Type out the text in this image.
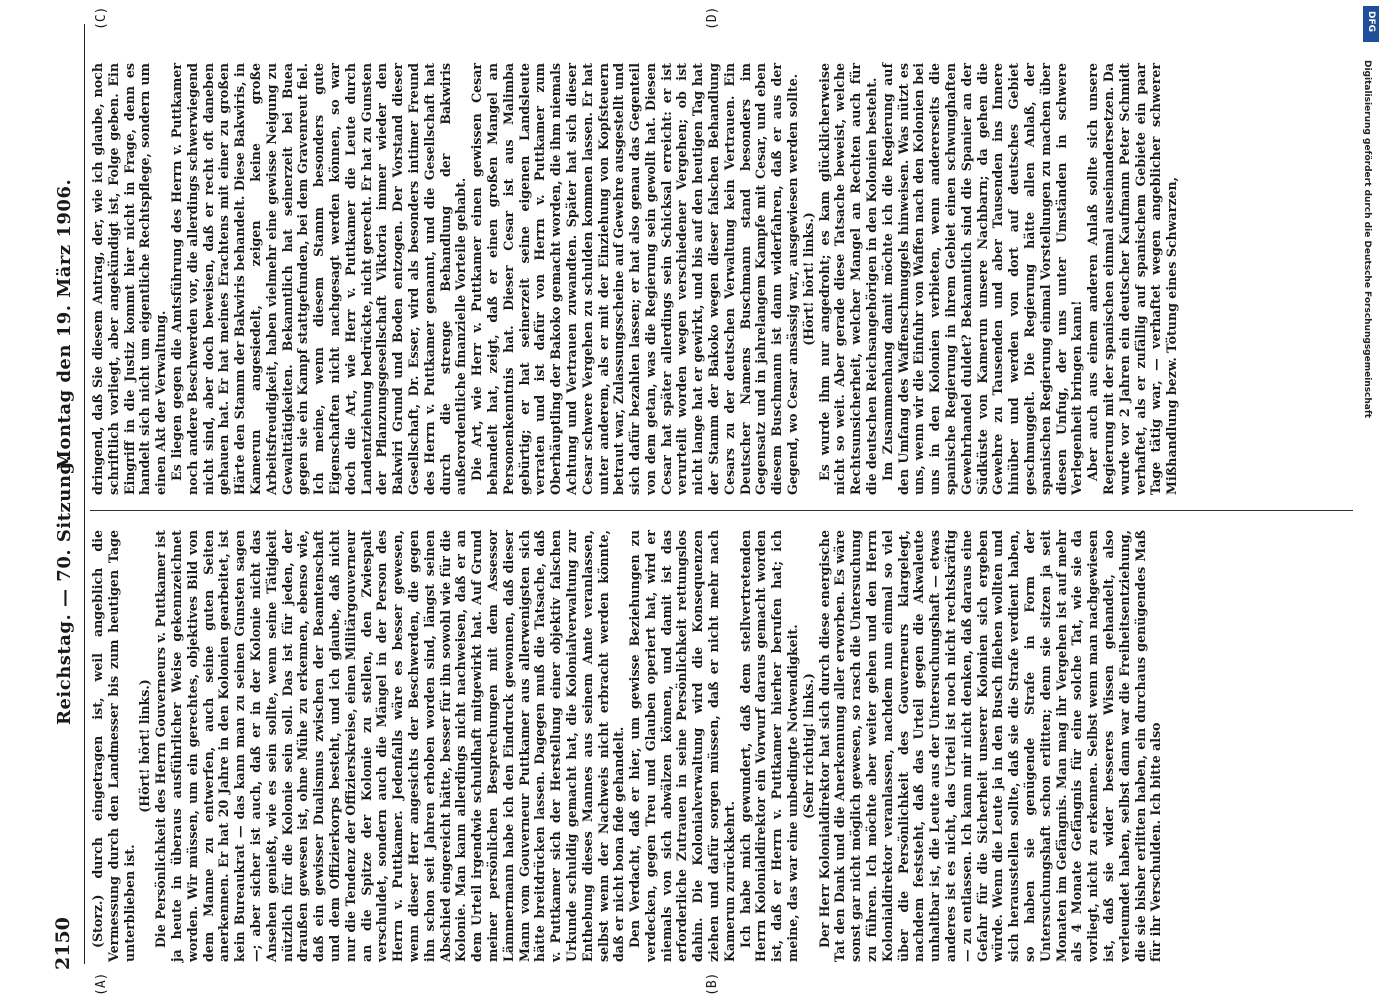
2150
Reichstag. — 70. Sitzung.
Montag den 19. März 1906.
(A)	(B)
(C)	(D)

(Storz.) durch eingetragen ist, weil angeblich die Vermessung durch den Landmesser bis zum heutigen Tage unterblieben ist.

(Hört! hört! links.) Die Persönlichkeit des Herrn Gouverneurs v. Puttkamer ist ja heute in überaus ausführlicher Weise gekennzeichnet worden. Wir müssen, um ein gerechtes, objektives Bild von dem Manne zu entwerfen, auch seine guten Seiten anerkennen. Er hat 20 Jahre in den Kolonien gearbeitet, ist kein Bureaukrat — das kann man zu seinen Gunsten sagen —; aber sicher ist auch, daß er in der Kolonie nicht das Ansehen genießt, wie es sein sollte, wenn seine Tätigkeit nützlich für die Kolonie sein soll. Das ist für jeden, der draußen gewesen ist, ohne Mühe zu erkennen, ebenso wie, daß ein gewisser Dualismus zwischen der Beamtenschaft und dem Offizierkorps besteht, und ich glaube, daß nicht nur die Tendenz der Offizierskreise, einen Militärgouverneur an die Spitze der Kolonie zu stellen, den Zwiespalt verschuldet, sondern auch die Mängel in der Person des Herrn v. Puttkamer. Jedenfalls wäre es besser gewesen, wenn dieser Herr angesichts der Beschwerden, die gegen ihn schon seit Jahren erhoben worden sind, längst seinen Abschied eingereicht hätte, besser für ihn sowohl wie für die Kolonie. Man kann allerdings nicht nachweisen, daß er an dem Urteil irgendwie schuldhaft mitgewirkt hat. Auf Grund meiner persönlichen Besprechungen mit dem Assessor Lämmermann habe ich den Eindruck gewonnen, daß dieser Mann vom Gouverneur Puttkamer aus allerwenigsten sich hätte breitdrücken lassen. Dagegen muß die Tatsache, daß v. Puttkamer sich der Herstellung einer objektiv falschen Urkunde schuldig gemacht hat, die Kolonialverwaltung zur Enthebung dieses Mannes aus seinem Amte veranlassen, selbst wenn der Nachweis nicht erbracht werden könnte, daß er nicht bona fide gehandelt. Den Verdacht, daß er hier, um gewisse Beziehungen zu verdecken, gegen Treu und Glauben operiert hat, wird er niemals von sich abwälzen können, und damit ist das erforderliche Zutrauen in seine Persönlichkeit rettungslos dahin. Die Kolonialverwaltung wird die Konsequenzen ziehen und dafür sorgen müssen, daß er nicht mehr nach Kamerun zurückkehrt. Ich habe mich gewundert, daß dem stellvertretenden Herrn Kolonialdirektor ein Vorwurf daraus gemacht worden ist, daß er Herrn v. Puttkamer hierher berufen hat; ich meine, das war eine unbedingte Notwendigkeit. (Sehr richtig! links.) Der Herr Kolonialdirektor hat sich durch diese energische Tat den Dank und die Anerkennung aller erworben. Es wäre sonst gar nicht möglich gewesen, so rasch die Untersuchung zu führen. Ich möchte aber weiter gehen und den Herrn Kolonialdirektor veranlassen, nachdem nun einmal so viel über die Persönlichkeit des Gouverneurs klargelegt, nachdem feststeht, daß das Urteil gegen die Akwaleute unhaltbar ist, die Leute aus der Untersuchungshaft — etwas anderes ist es nicht, das Urteil ist noch nicht rechtskräftig — zu entlassen. Ich kann mir nicht denken, daß daraus eine Gefahr für die Sicherheit unserer Kolonien sich ergeben würde. Wenn die Leute ja in den Busch fliehen wollten und sich herausstellen sollte, daß sie die Strafe verdient haben, so haben sie genügende Strafe in Form der Untersuchungshaft schon erlitten; denn sie sitzen ja seit Monaten im Gefängnis. Man mag ihr Vergehen ist auf mehr als 4 Monate Gefängnis für eine solche Tat, wie sie da vorliegt, nicht zu erkennen. Selbst wenn man nachgewiesen ist, daß sie wider besseres Wissen gehandelt, also verleumdet haben, selbst dann war die Freiheitsentziehung, die sie bisher erlitten haben, ein durchaus genügendes Maß für ihr Verschulden. Ich bitte also

dringend, daß Sie diesem Antrag, der, wie ich glaube, noch schriftlich vorliegt, aber angekündigt ist, Folge geben. Ein Eingriff in die Justiz kommt hier nicht in Frage, denn es handelt sich nicht um eigentliche Rechtspflege, sondern um einen Akt der Verwaltung. Es liegen gegen die Amtsführung des Herrn v. Puttkamer noch andere Beschwerden vor, die allerdings schwerwiegend nicht sind, aber doch beweisen, daß er recht oft daneben gehauen hat. Er hat meines Erachtens mit einer zu großen Härte den Stamm der Bakwiris behandelt. Diese Bakwiris, in Kamerun angesiedelt, zeigen keine große Arbeitsfreudigkeit, haben vielmehr eine gewisse Neigung zu Gewalttätigkeiten. Bekanntlich hat seinerzeit bei Buea gegen sie ein Kampf stattgefunden, bei dem Gravenreut fiel. Ich meine, wenn diesem Stamm besonders gute Eigenschaften nicht nachgesagt werden können, so war doch die Art, wie Herr v. Puttkamer die Leute durch Landentziehung bedrückte, nicht gerecht. Er hat zu Gunsten der Pflanzungsgesellschaft Viktoria immer wieder den Bakwiri Grund und Boden entzogen. Der Vorstand dieser Gesellschaft, Dr. Esser, wird als besonders intimer Freund des Herrn v. Puttkamer genannt, und die Gesellschaft hat durch die strenge Behandlung der Bakwiris außerordentliche finanzielle Vorteile gehabt. Die Art, wie Herr v. Puttkamer einen gewissen Cesar behandelt hat, zeigt, daß er einen großen Mangel an Personenkenntnis hat. Dieser Cesar ist aus Malimba gebürtig; er hat seinerzeit seine eigenen Landsleute verraten und ist dafür von Herrn v. Puttkamer zum Oberhäuptling der Bakoko gemacht worden, die ihm niemals Achtung und Vertrauen zuwandten. Später hat sich dieser Cesar schwere Vergehen zu schulden kommen lassen. Er hat unter anderem, als er mit der Einziehung von Kopfsteuern betraut war, Zulassungsscheine auf Gewehre ausgestellt und sich dafür bezahlen lassen; er hat also genau das Gegenteil von dem getan, was die Regierung sein gewollt hat. Diesen Cesar hat später allerdings sein Schicksal erreicht: er ist verurteilt worden wegen verschiedener Vergehen; ob ist nicht lange hat er gewirkt, und bis auf den heutigen Tag hat der Stamm der Bakoko wegen dieser falschen Behandlung Cesars zu der deutschen Verwaltung kein Vertrauen. Ein Deutscher Namens Buschmann stand besonders im Gegensatz und in jahrelangem Kampfe mit Cesar, und eben diesem Buschmann ist dann widerfahren, daß er aus der Gegend, wo Cesar ansässig war, ausgewiesen werden sollte. (Hört! hört! links.) Es wurde ihm nur angedroht; es kam glücklicherweise nicht so weit. Aber gerade diese Tatsache beweist, welche Rechtsunsicherheit, welcher Mangel an Rechten auch für die deutschen Reichsangehörigen in den Kolonien besteht. Im Zusammenhang damit möchte ich die Regierung auf den Umfang des Waffenschmuggels hinweisen. Was nützt es uns, wenn wir die Einfuhr von Waffen nach den Kolonien bei uns in den Kolonien verbieten, wenn andererseits die spanische Regierung in ihrem Gebiet einen schwunghaften Gewehrhandel duldet? Bekanntlich sind die Spanier an der Südküste von Kamerun unsere Nachbarn; da gehen die Gewehre zu Tausenden und aber Tausenden ins Innere hinüber und werden von dort auf deutsches Gebiet geschmuggelt. Die Regierung hätte allen Anlaß, der spanischen Regierung einmal Vorstellungen zu machen über diesen Unfug, der uns unter Umständen in schwere Verlegenheit bringen kann! Aber auch aus einem anderen Anlaß sollte sich unsere Regierung mit der spanischen einmal auseinandersetzen. Da wurde vor 2 Jahren ein deutscher Kaufmann Peter Schmidt verhaftet, als er zufällig auf spanischem Gebiete ein paar Tage tätig war, — verhaftet wegen angeblicher schwerer Mißhandlung bezw. Tötung eines Schwarzen,

DFG
Digitalisierung gefördert durch die Deutsche Forschungsgemeinschaft
